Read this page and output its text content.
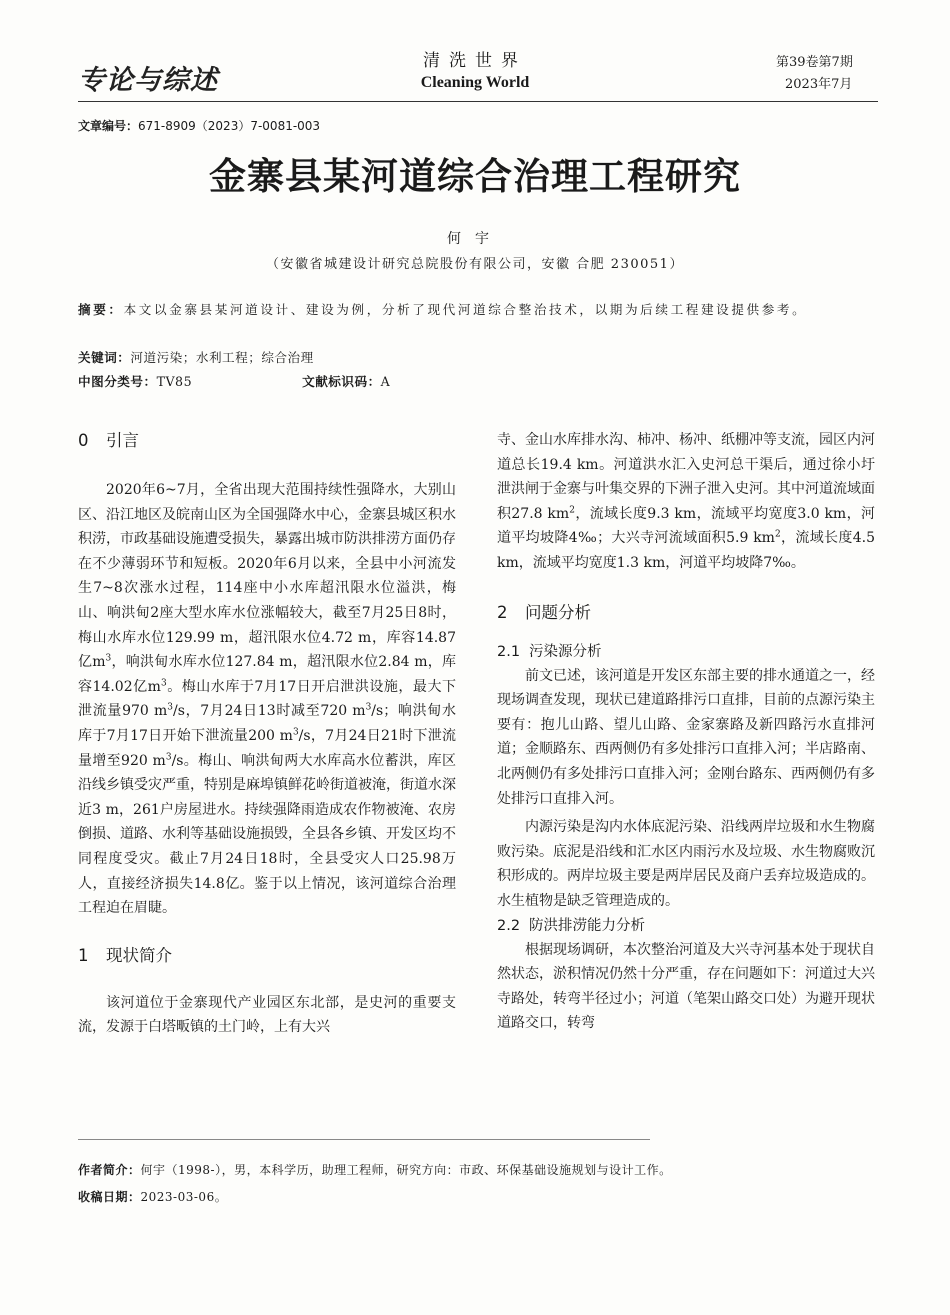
专论与综述
清洗世界
Cleaning World
第39卷第7期
2023年7月
文章编号：671-8909（2023）7-0081-003
金寨县某河道综合治理工程研究
何宇
（安徽省城建设计研究总院股份有限公司，安徽 合肥 230051）
摘要：本文以金寨县某河道设计、建设为例，分析了现代河道综合整治技术，以期为后续工程建设提供参考。
关键词：河道污染；水利工程；综合治理
中图分类号：TV85	文献标识码：A
0 引言

2020年6~7月，全省出现大范围持续性强降水，大别山区、沿江地区及皖南山区为全国强降水中心，金寨县城区积水积涝，市政基础设施遭受损失，暴露出城市防洪排涝方面仍存在不少薄弱环节和短板。2020年6月以来，全县中小河流发生7~8次涨水过程，114座中小水库超汛限水位溢洪，梅山、响洪甸2座大型水库水位涨幅较大，截至7月25日8时，梅山水库水位129.99 m，超汛限水位4.72 m，库容14.87亿$m^3$，响洪甸水库水位127.84 m，超汛限水位2.84 m，库容14.02亿$m^3$。梅山水库于7月17日开启泄洪设施，最大下泄流量970 $m^3/s$，7月24日13时减至720 $m^3/s$；响洪甸水库于7月17日开始下泄流量200 $m^3/s$，7月24日21时下泄流量增至920 $m^3/s$。梅山、响洪甸两大水库高水位蓄洪，库区沿线乡镇受灾严重，特别是麻埠镇鲜花岭街道被淹，街道水深近3 m，261户房屋进水。持续强降雨造成农作物被淹、农房倒损、道路、水利等基础设施损毁，全县各乡镇、开发区均不同程度受灾。截止7月24日18时，全县受灾人口25.98万人，直接经济损失14.8亿。鉴于以上情况，该河道综合治理工程迫在眉睫。

1 现状简介

该河道位于金寨现代产业园区东北部，是史河的重要支流，发源于白塔畈镇的土门岭，上有大兴

寺、金山水库排水沟、柿冲、杨冲、纸棚冲等支流，园区内河道总长19.4 km。河道洪水汇入史河总干渠后，通过徐小圩泄洪闸于金寨与叶集交界的下洲子泄入史河。其中河道流域面积27.8 $km^2$，流域长度9.3 km，流域平均宽度3.0 km，河道平均坡降4‰；大兴寺河流域面积5.9 $km^2$，流域长度4.5 km，流域平均宽度1.3 km，河道平均坡降7‰。

2 问题分析
2.1 污染源分析

前文已述，该河道是开发区东部主要的排水通道之一，经现场调查发现，现状已建道路排污口直排，目前的点源污染主要有：抱儿山路、望儿山路、金家寨路及新四路污水直排河道；金顺路东、西两侧仍有多处排污口直排入河；半店路南、北两侧仍有多处排污口直排入河；金刚台路东、西两侧仍有多处排污口直排入河。

内源污染是沟内水体底泥污染、沿线两岸垃圾和水生物腐败污染。底泥是沿线和汇水区内雨污水及垃圾、水生物腐败沉积形成的。两岸垃圾主要是两岸居民及商户丢弃垃圾造成的。水生植物是缺乏管理造成的。

2.2 防洪排涝能力分析

根据现场调研，本次整治河道及大兴寺河基本处于现状自然状态，淤积情况仍然十分严重，存在问题如下：河道过大兴寺路处，转弯半径过小；河道（笔架山路交口处）为避开现状道路交口，转弯

作者简介：何宇（1998-），男，本科学历，助理工程师，研究方向：市政、环保基础设施规划与设计工作。
收稿日期：2023-03-06。
